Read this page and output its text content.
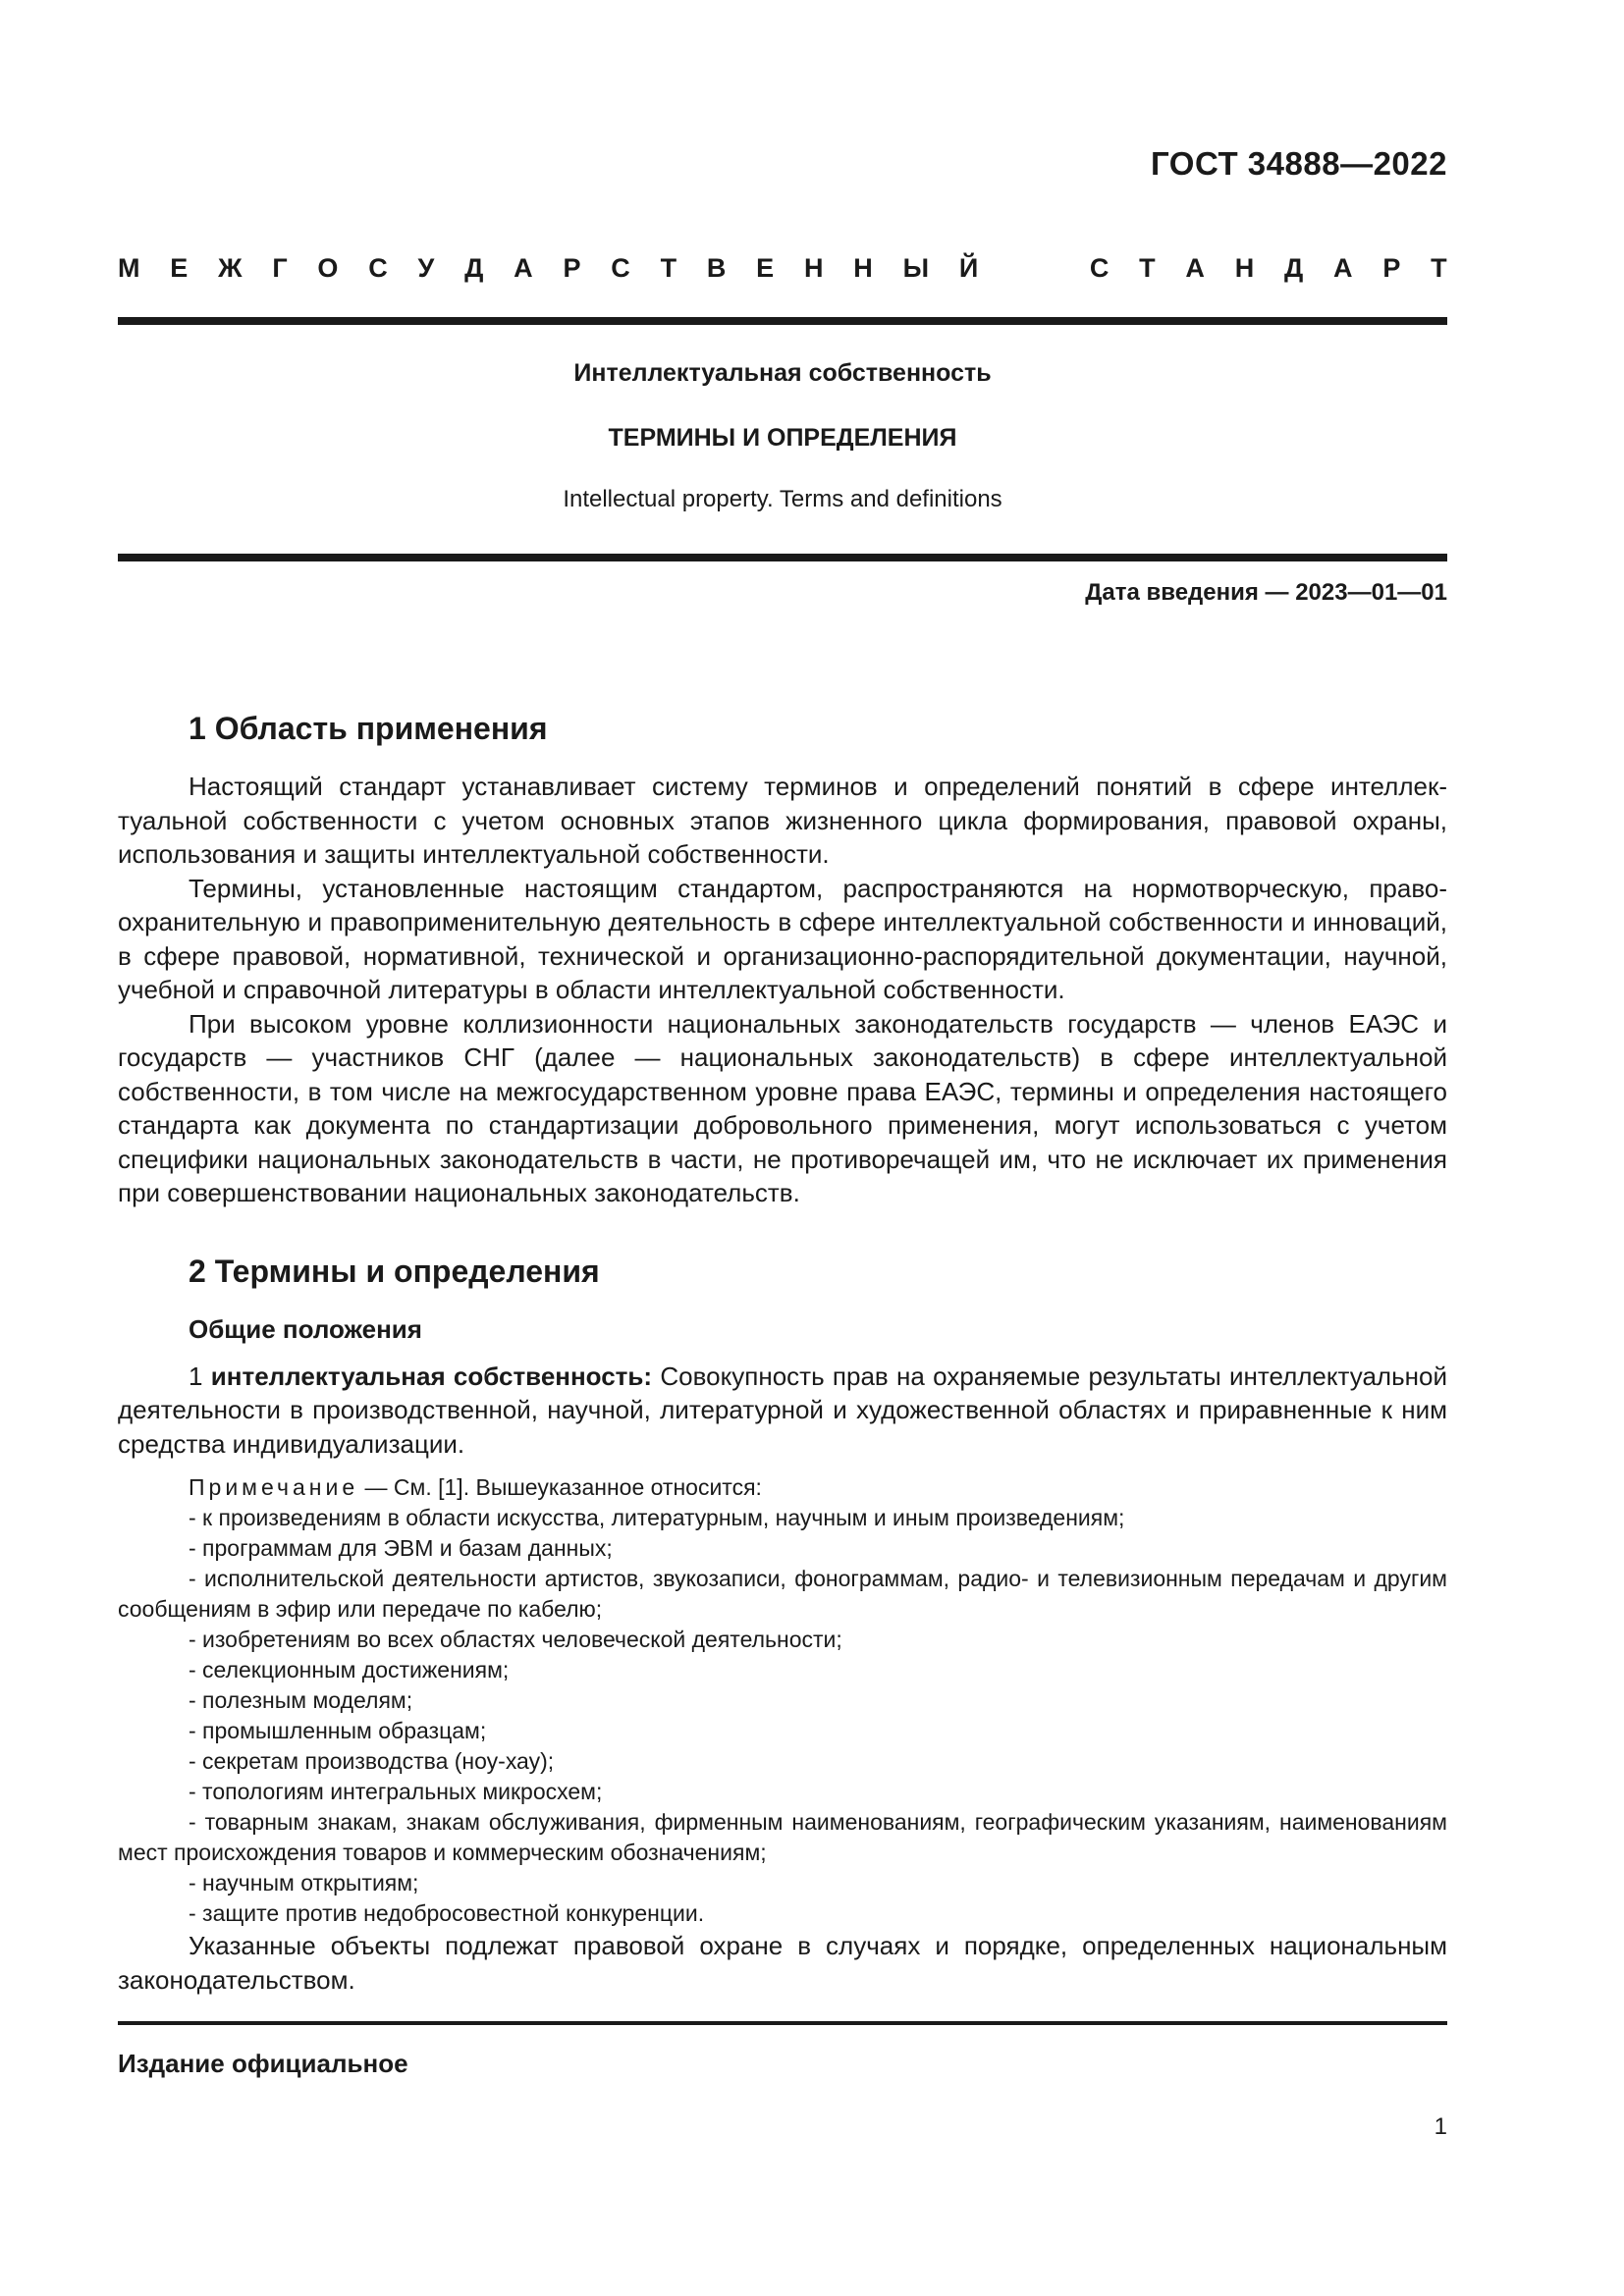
ГОСТ 34888—2022
М Е Ж Г О С У Д А Р С Т В Е Н Н Ы Й	С Т А Н Д А Р Т
Интеллектуальная собственность
ТЕРМИНЫ И ОПРЕДЕЛЕНИЯ
Intellectual property. Terms and definitions
Дата введения — 2023—01—01
1 Область применения

Настоящий стандарт устанавливает систему терминов и определений понятий в сфере интеллектуальной собственности с учетом основных этапов жизненного цикла формирования, правовой охраны, использования и защиты интеллектуальной собственности.

Термины, установленные настоящим стандартом, распространяются на нормотворческую, правоохранительную и правоприменительную деятельность в сфере интеллектуальной собственности и инноваций, в сфере правовой, нормативной, технической и организационно-распорядительной документации, научной, учебной и справочной литературы в области интеллектуальной собственности.

При высоком уровне коллизионности национальных законодательств государств — членов ЕАЭС и государств — участников СНГ (далее — национальных законодательств) в сфере интеллектуальной собственности, в том числе на межгосударственном уровне права ЕАЭС, термины и определения настоящего стандарта как документа по стандартизации добровольного применения, могут использоваться с учетом специфики национальных законодательств в части, не противоречащей им, что не исключает их применения при совершенствовании национальных законодательств.

2 Термины и определения
Общие положения

1 интеллектуальная собственность: Совокупность прав на охраняемые результаты интеллектуальной деятельности в производственной, научной, литературной и художественной областях и приравненные к ним средства индивидуализации.

Примечание — См. [1]. Вышеуказанное относится:
- к произведениям в области искусства, литературным, научным и иным произведениям;
- программам для ЭВМ и базам данных;
- исполнительской деятельности артистов, звукозаписи, фонограммам, радио- и телевизионным передачам и другим сообщениям в эфир или передаче по кабелю;
- изобретениям во всех областях человеческой деятельности;
- селекционным достижениям;
- полезным моделям;
- промышленным образцам;
- секретам производства (ноу-хау);
- топологиям интегральных микросхем;
- товарным знакам, знакам обслуживания, фирменным наименованиям, географическим указаниям, наименованиям мест происхождения товаров и коммерческим обозначениям;
- научным открытиям;
- защите против недобросовестной конкуренции.

Указанные объекты подлежат правовой охране в случаях и порядке, определенных национальным законодательством.

Издание официальное
1
